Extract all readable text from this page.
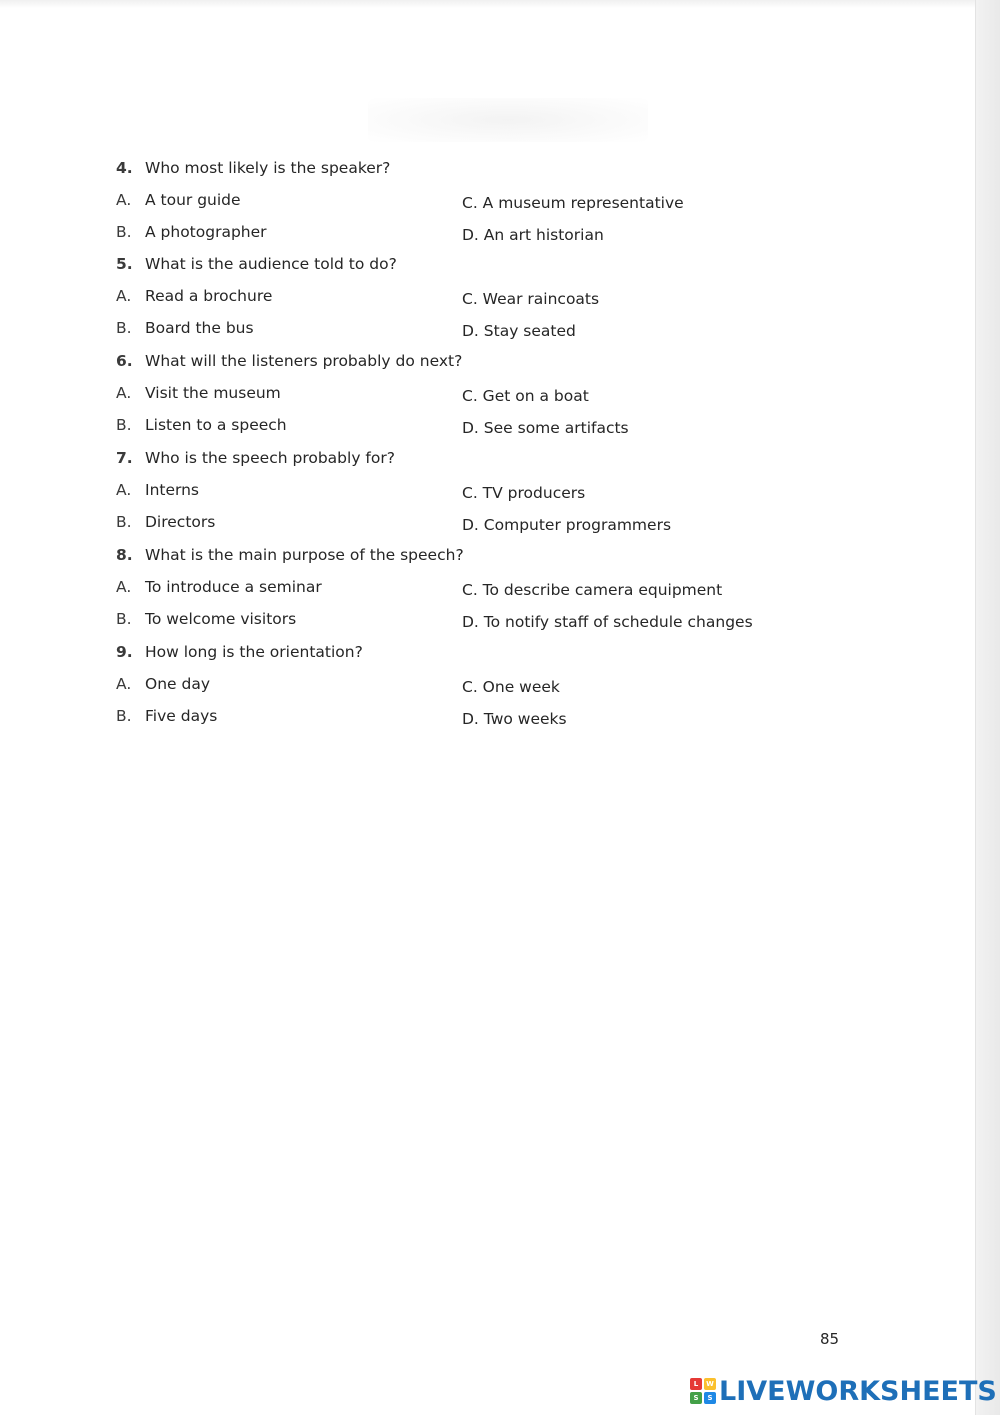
4. Who most likely is the speaker?
A. A tour guide	C. A museum representative
B. A photographer	D. An art historian
5. What is the audience told to do?
A. Read a brochure	C. Wear raincoats
B. Board the bus	D. Stay seated
6. What will the listeners probably do next?
A. Visit the museum	C. Get on a boat
B. Listen to a speech	D. See some artifacts
7. Who is the speech probably for?
A. Interns	C. TV producers
B. Directors	D. Computer programmers
8. What is the main purpose of the speech?
A. To introduce a seminar	C. To describe camera equipment
B. To welcome visitors	D. To notify staff of schedule changes
9. How long is the orientation?
A. One day	C. One week
B. Five days	D. Two weeks
85
L	W
S	S LIVEWORKSHEETS
